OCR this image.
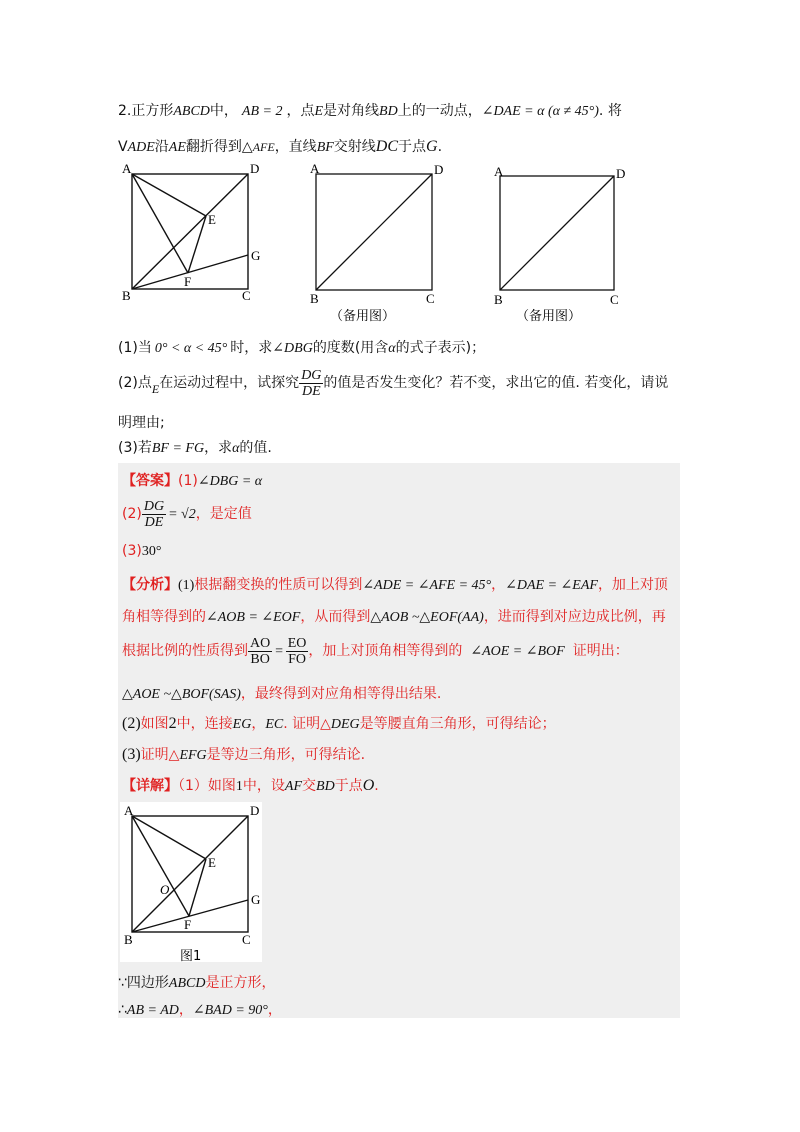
2.正方形ABCD中， AB = 2 ，点E是对角线BD上的一动点，∠DAE = α (α ≠ 45°). 将
VADE沿AE翻折得到△AFE，直线BF交射线DC于点G.
A	D
B	C
E
F
G
A	D
B	C
（备用图）
A	D
B	C
（备用图）
(1)当 0° < α < 45° 时，求∠DBG的度数(用含α的式子表示)；
(2)点E在运动过程中，试探究 $\frac{DG}{DE}$ 的值是否发生变化？若不变，求出它的值. 若变化，请说
明理由;
(3)若BF = FG，求α的值.
【答案】(1)∠DBG = α
$(2) \frac{DG}{DE} = √2$，是定值
(3)30°
【分析】(1)根据翻变换的性质可以得到∠ADE = ∠AFE = 45°，∠DAE = ∠EAF，加上对顶
角相等得到的∠AOB = ∠EOF，从而得到△AOB ~△EOF(AA)，进而得到对应边成比例，再
根据比例的性质得到 $\frac{AO}{BO} = \frac{EO}{FO}$ ，加上对顶角相等得到的 ∠AOE = ∠BOF 证明出：
△AOE ~△BOF(SAS)，最终得到对应角相等得出结果.
(2)如图2中，连接EG，EC. 证明△DEG是等腰直角三角形，可得结论；
(3)证明△EFG是等边三角形，可得结论.
【详解】（1）如图1中，设AF交BD于点O.
A	D
B	C
E
F
G
O
图1
∵四边形ABCD是正方形，
∴AB = AD，∠BAD = 90°，
